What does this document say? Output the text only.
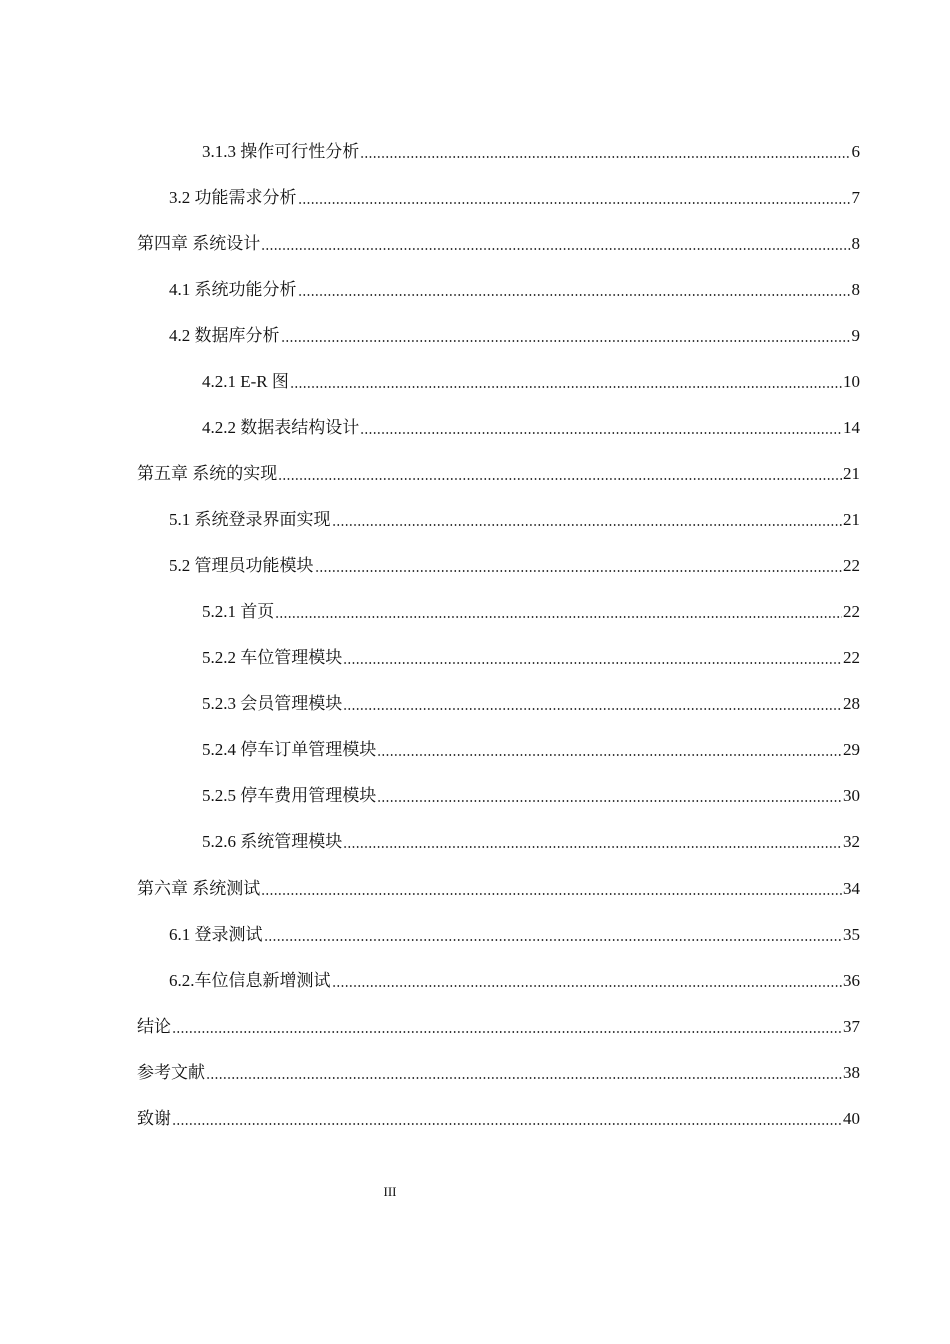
3.1.3 操作可行性分析	6
3.2 功能需求分析	7
第四章 系统设计	8
4.1 系统功能分析	8
4.2 数据库分析	9
4.2.1 E-R 图	10
4.2.2 数据表结构设计	14
第五章 系统的实现	21
5.1 系统登录界面实现	21
5.2 管理员功能模块	22
5.2.1 首页	22
5.2.2 车位管理模块	22
5.2.3 会员管理模块	28
5.2.4 停车订单管理模块	29
5.2.5 停车费用管理模块	30
5.2.6 系统管理模块	32
第六章 系统测试	34
6.1 登录测试	35
6.2.车位信息新增测试	36
结论	37
参考文献	38
致谢	40
III
